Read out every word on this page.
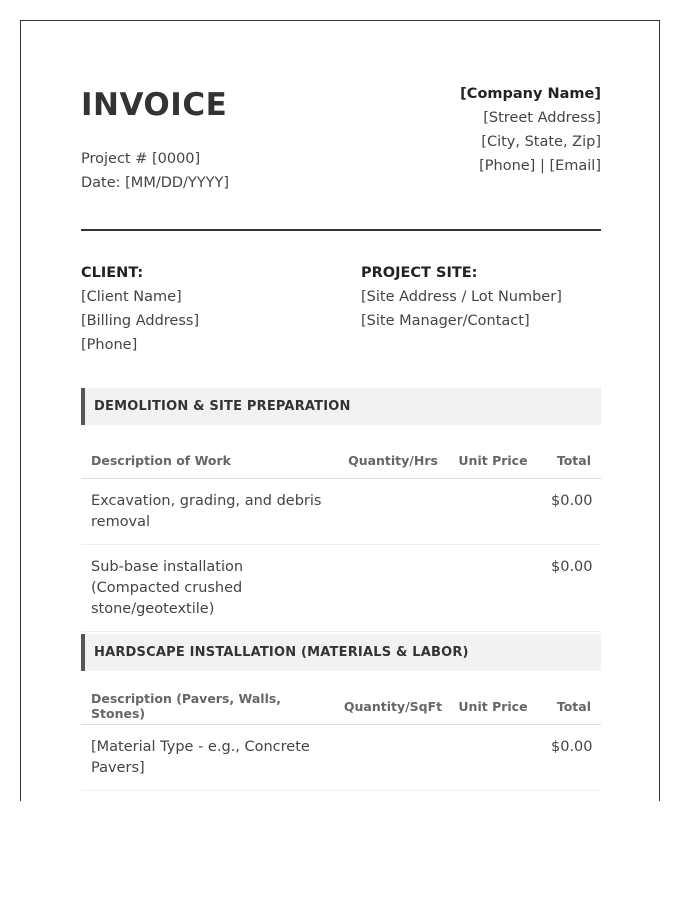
INVOICE
Project # [0000]
Date: [MM/DD/YYYY]
[Company Name]
[Street Address]
[City, State, Zip]
[Phone] | [Email]
CLIENT:
[Client Name]
[Billing Address]
[Phone]
PROJECT SITE:
[Site Address / Lot Number]
[Site Manager/Contact]
DEMOLITION & SITE PREPARATION
Description of Work	Quantity/Hrs	Unit Price	Total
Excavation, grading, and debris removal			$0.00
Sub-base installation (Compacted crushed stone/geotextile)			$0.00
HARDSCAPE INSTALLATION (MATERIALS & LABOR)
Description (Pavers, Walls, Stones)	Quantity/SqFt	Unit Price	Total
[Material Type - e.g., Concrete Pavers]			$0.00
